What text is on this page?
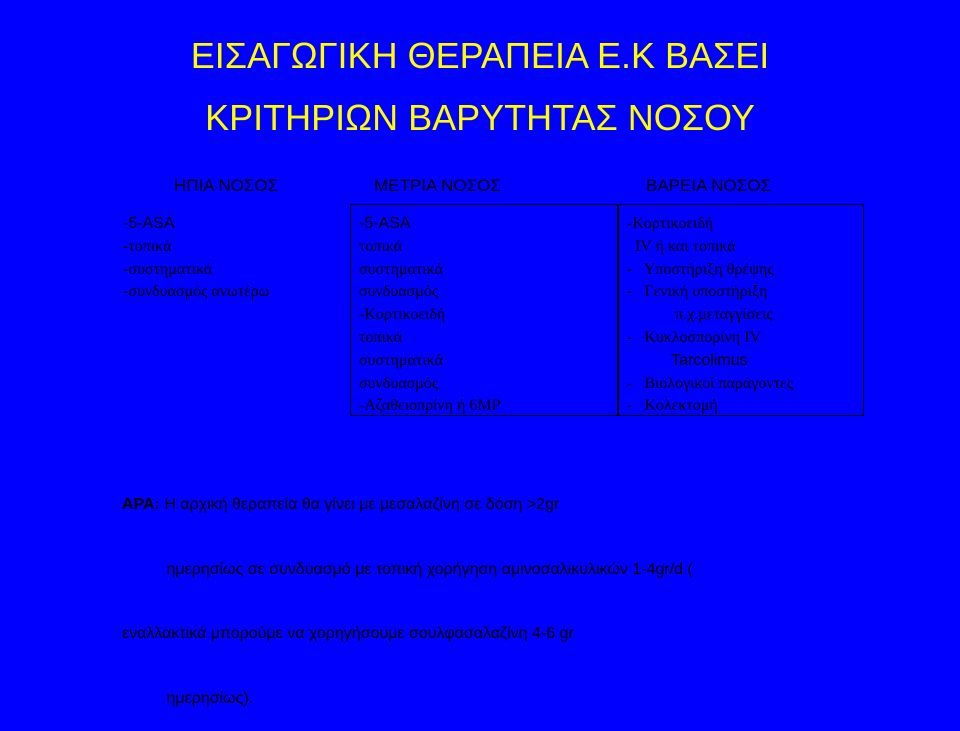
ΕΙΣΑΓΩΓΙΚΗ ΘΕΡΑΠΕΙΑ Ε.Κ ΒΑΣΕΙ
ΚΡΙΤΗΡΙΩΝ ΒΑΡΥΤΗΤΑΣ ΝΟΣΟΥ
ΗΠΙΑ ΝΟΣΟΣ	ΜΕΤΡΙΑ ΝΟΣΟΣ	ΒΑΡΕΙΑ ΝΟΣΟΣ
-5-ASA
-τοπικά
-συστηματικά
-συνδυασμός ανωτέρω
-5-ASA
τοπικά
συστηματικά
συνδυασμός
-Κορτικοειδή
τοπικά
συστηματικά
συνδυασμός
-Αζαθειοπρίνη ή 6MP
-Κορτικοειδή
IV ή και τοπικά
-   Υποστήριξη θρέψης
-   Γενική υποστήριξη
π.χ.μεταγγίσεις
-   Κυκλοσπορίνη IV
Tarcolimus
-   Βιολογικοί παράγοντες
-   Κολεκτομή

ΑΡΑ: Η αρχική θεραπεία θα γίνει με μεσαλαζίνη σε δόση >2gr

ημερησίως σε συνδυασμό με τοπική χορήγηση αμινοσαλικυλικών 1-4gr/d (

εναλλακτικά μπορούμε να χορηγήσουμε σουλφασαλαζίνη 4-6 gr

ημερησίως).
